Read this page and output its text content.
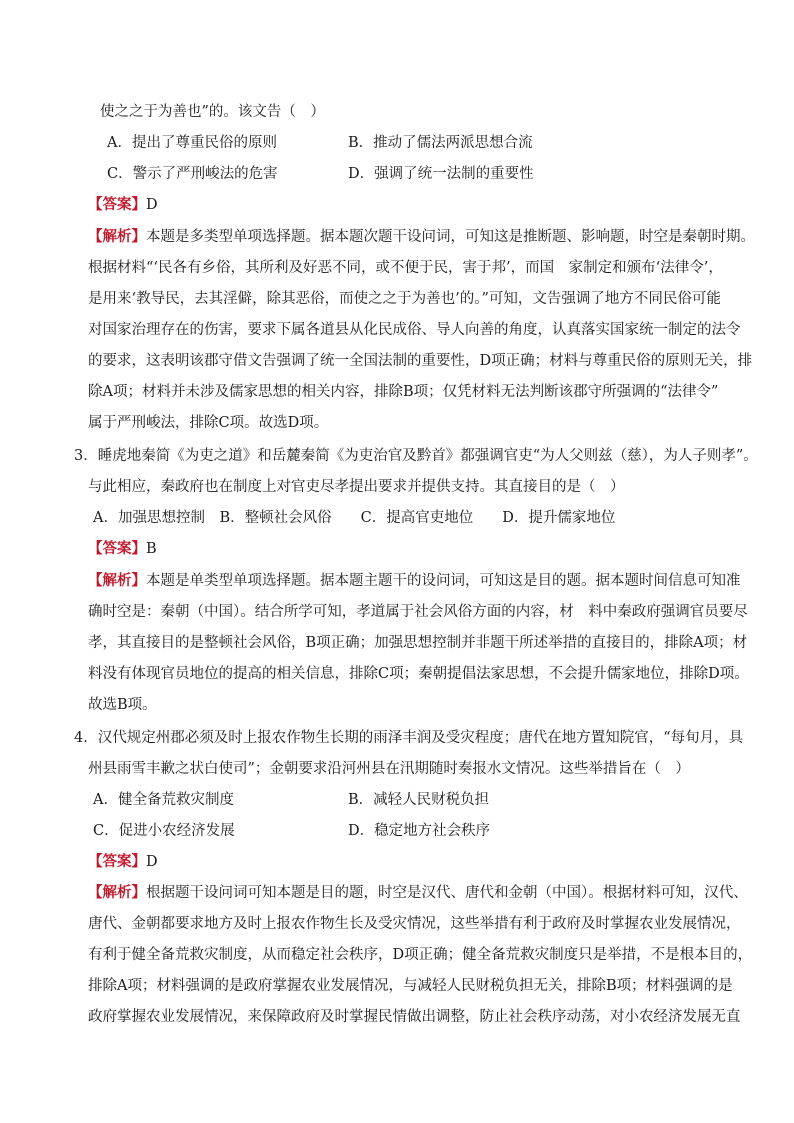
使之之于为善也”的。该文告（　）
A．提出了尊重民俗的原则	B．推动了儒法两派思想合流
C．警示了严刑峻法的危害	D．强调了统一法制的重要性
【答案】D
【解析】本题是多类型单项选择题。据本题次题干设问词，可知这是推断题、影响题，时空是秦朝时期。
根据材料“‘民各有乡俗，其所利及好恶不同，或不便于民，害于邦’，而国　家制定和颁布‘法律令’，
是用来‘教导民，去其淫僻，除其恶俗，而使之之于为善也’的。”可知，文告强调了地方不同民俗可能
对国家治理存在的伤害，要求下属各道县从化民成俗、导人向善的角度，认真落实国家统一制定的法令
的要求，这表明该郡守借文告强调了统一全国法制的重要性，D项正确；材料与尊重民俗的原则无关，排
除A项；材料并未涉及儒家思想的相关内容，排除B项；仅凭材料无法判断该郡守所强调的“法律令”
属于严刑峻法，排除C项。故选D项。
3．睡虎地秦简《为吏之道》和岳麓秦简《为吏治官及黔首》都强调官吏“为人父则兹（慈），为人子则孝”。
与此相应，秦政府也在制度上对官吏尽孝提出要求并提供支持。其直接目的是（　）
A．加强思想控制　B．整顿社会风俗　　C．提高官吏地位　　D．提升儒家地位
【答案】B
【解析】本题是单类型单项选择题。据本题主题干的设问词，可知这是目的题。据本题时间信息可知准
确时空是：秦朝（中国）。结合所学可知，孝道属于社会风俗方面的内容，材　料中秦政府强调官员要尽
孝，其直接目的是整顿社会风俗，B项正确；加强思想控制并非题干所述举措的直接目的，排除A项；材
料没有体现官员地位的提高的相关信息，排除C项；秦朝提倡法家思想，不会提升儒家地位，排除D项。
故选B项。
4．汉代规定州郡必须及时上报农作物生长期的雨泽丰润及受灾程度；唐代在地方置知院官，“每旬月，具
州县雨雪丰歉之状白使司”；金朝要求沿河州县在汛期随时奏报水文情况。这些举措旨在（　）
A．健全备荒救灾制度	B．减轻人民财税负担
C．促进小农经济发展	D．稳定地方社会秩序
【答案】D
【解析】根据题干设问词可知本题是目的题，时空是汉代、唐代和金朝（中国）。根据材料可知，汉代、
唐代、金朝都要求地方及时上报农作物生长及受灾情况，这些举措有利于政府及时掌握农业发展情况，
有利于健全备荒救灾制度，从而稳定社会秩序，D项正确；健全备荒救灾制度只是举措，不是根本目的，
排除A项；材料强调的是政府掌握农业发展情况，与减轻人民财税负担无关，排除B项；材料强调的是
政府掌握农业发展情况，来保障政府及时掌握民情做出调整，防止社会秩序动荡，对小农经济发展无直
